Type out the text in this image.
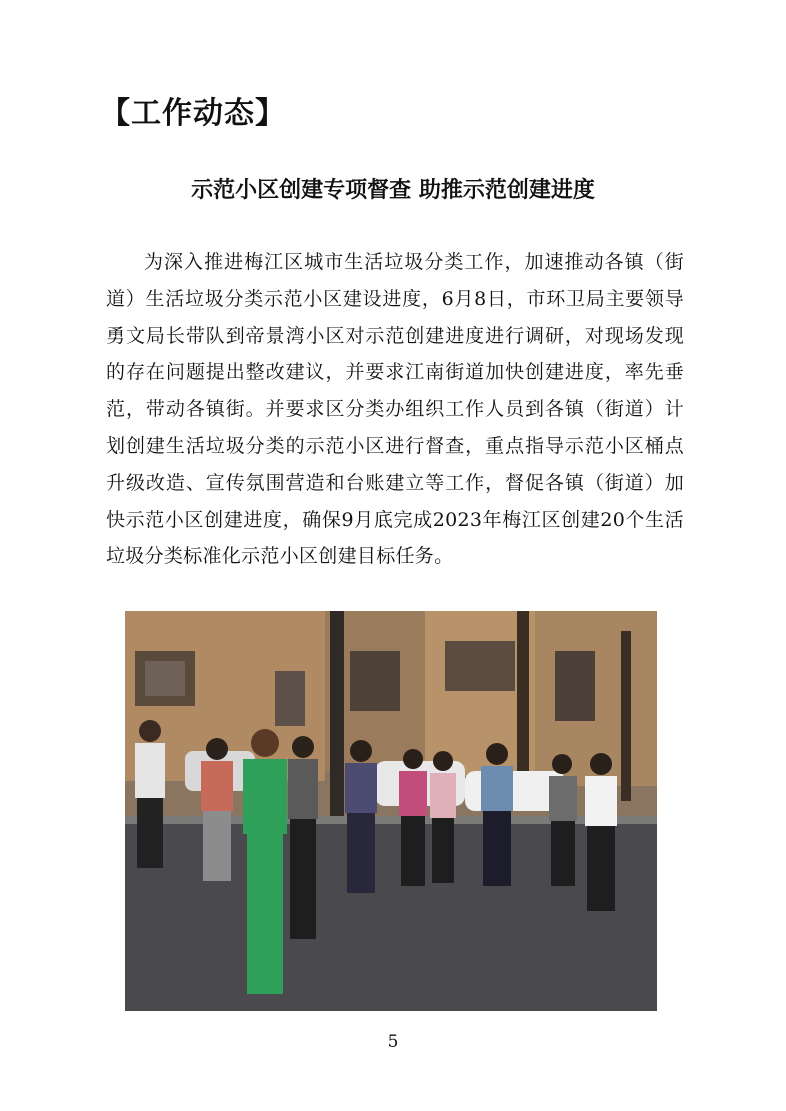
【工作动态】
示范小区创建专项督查 助推示范创建进度

为深入推进梅江区城市生活垃圾分类工作，加速推动各镇（街道）生活垃圾分类示范小区建设进度，6月8日，市环卫局主要领导勇文局长带队到帝景湾小区对示范创建进度进行调研，对现场发现的存在问题提出整改建议，并要求江南街道加快创建进度，率先垂范，带动各镇街。并要求区分类办组织工作人员到各镇（街道）计划创建生活垃圾分类的示范小区进行督查，重点指导示范小区桶点升级改造、宣传氛围营造和台账建立等工作，督促各镇（街道）加快示范小区创建进度，确保9月底完成2023年梅江区创建20个生活垃圾分类标准化示范小区创建目标任务。

5
